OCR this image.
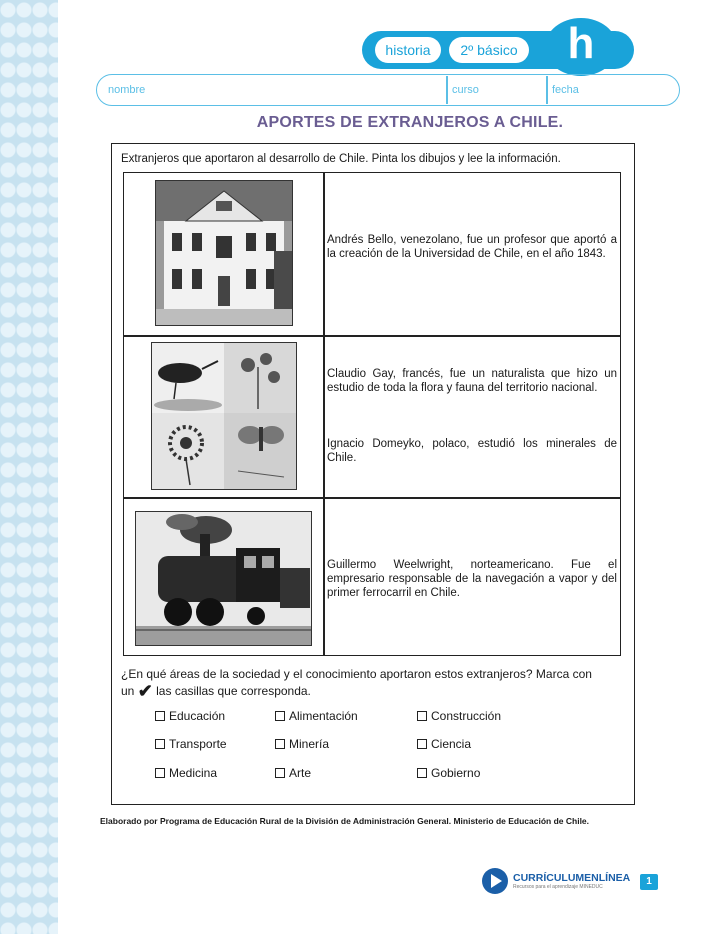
historia	2º básico	h
nombre	curso	fecha
APORTES DE EXTRANJEROS A CHILE.
Extranjeros que aportaron al desarrollo de Chile. Pinta los dibujos y lee la información.
Andrés Bello, venezolano, fue un profesor que aportó a la creación de la Universidad de Chile, en el año 1843.
Claudio Gay, francés, fue un naturalista que hizo un estudio de toda la flora y fauna del territorio nacional.
Ignacio Domeyko, polaco, estudió los minerales de Chile.
Guillermo Weelwright, norteamericano. Fue el empresario responsable de la navegación a vapor y del primer ferrocarril en Chile.
¿En qué áreas de la sociedad y el conocimiento aportaron estos extranjeros? Marca con
un ✔ las casillas que corresponda.
Educación	Alimentación	Construcción
Transporte	Minería	Ciencia
Medicina	Arte	Gobierno
Elaborado por Programa de Educación Rural de la División de Administración General. Ministerio de Educación de Chile.
CURRÍCULUMENLÍNEA
Recursos para el aprendizaje MINEDUC	1
